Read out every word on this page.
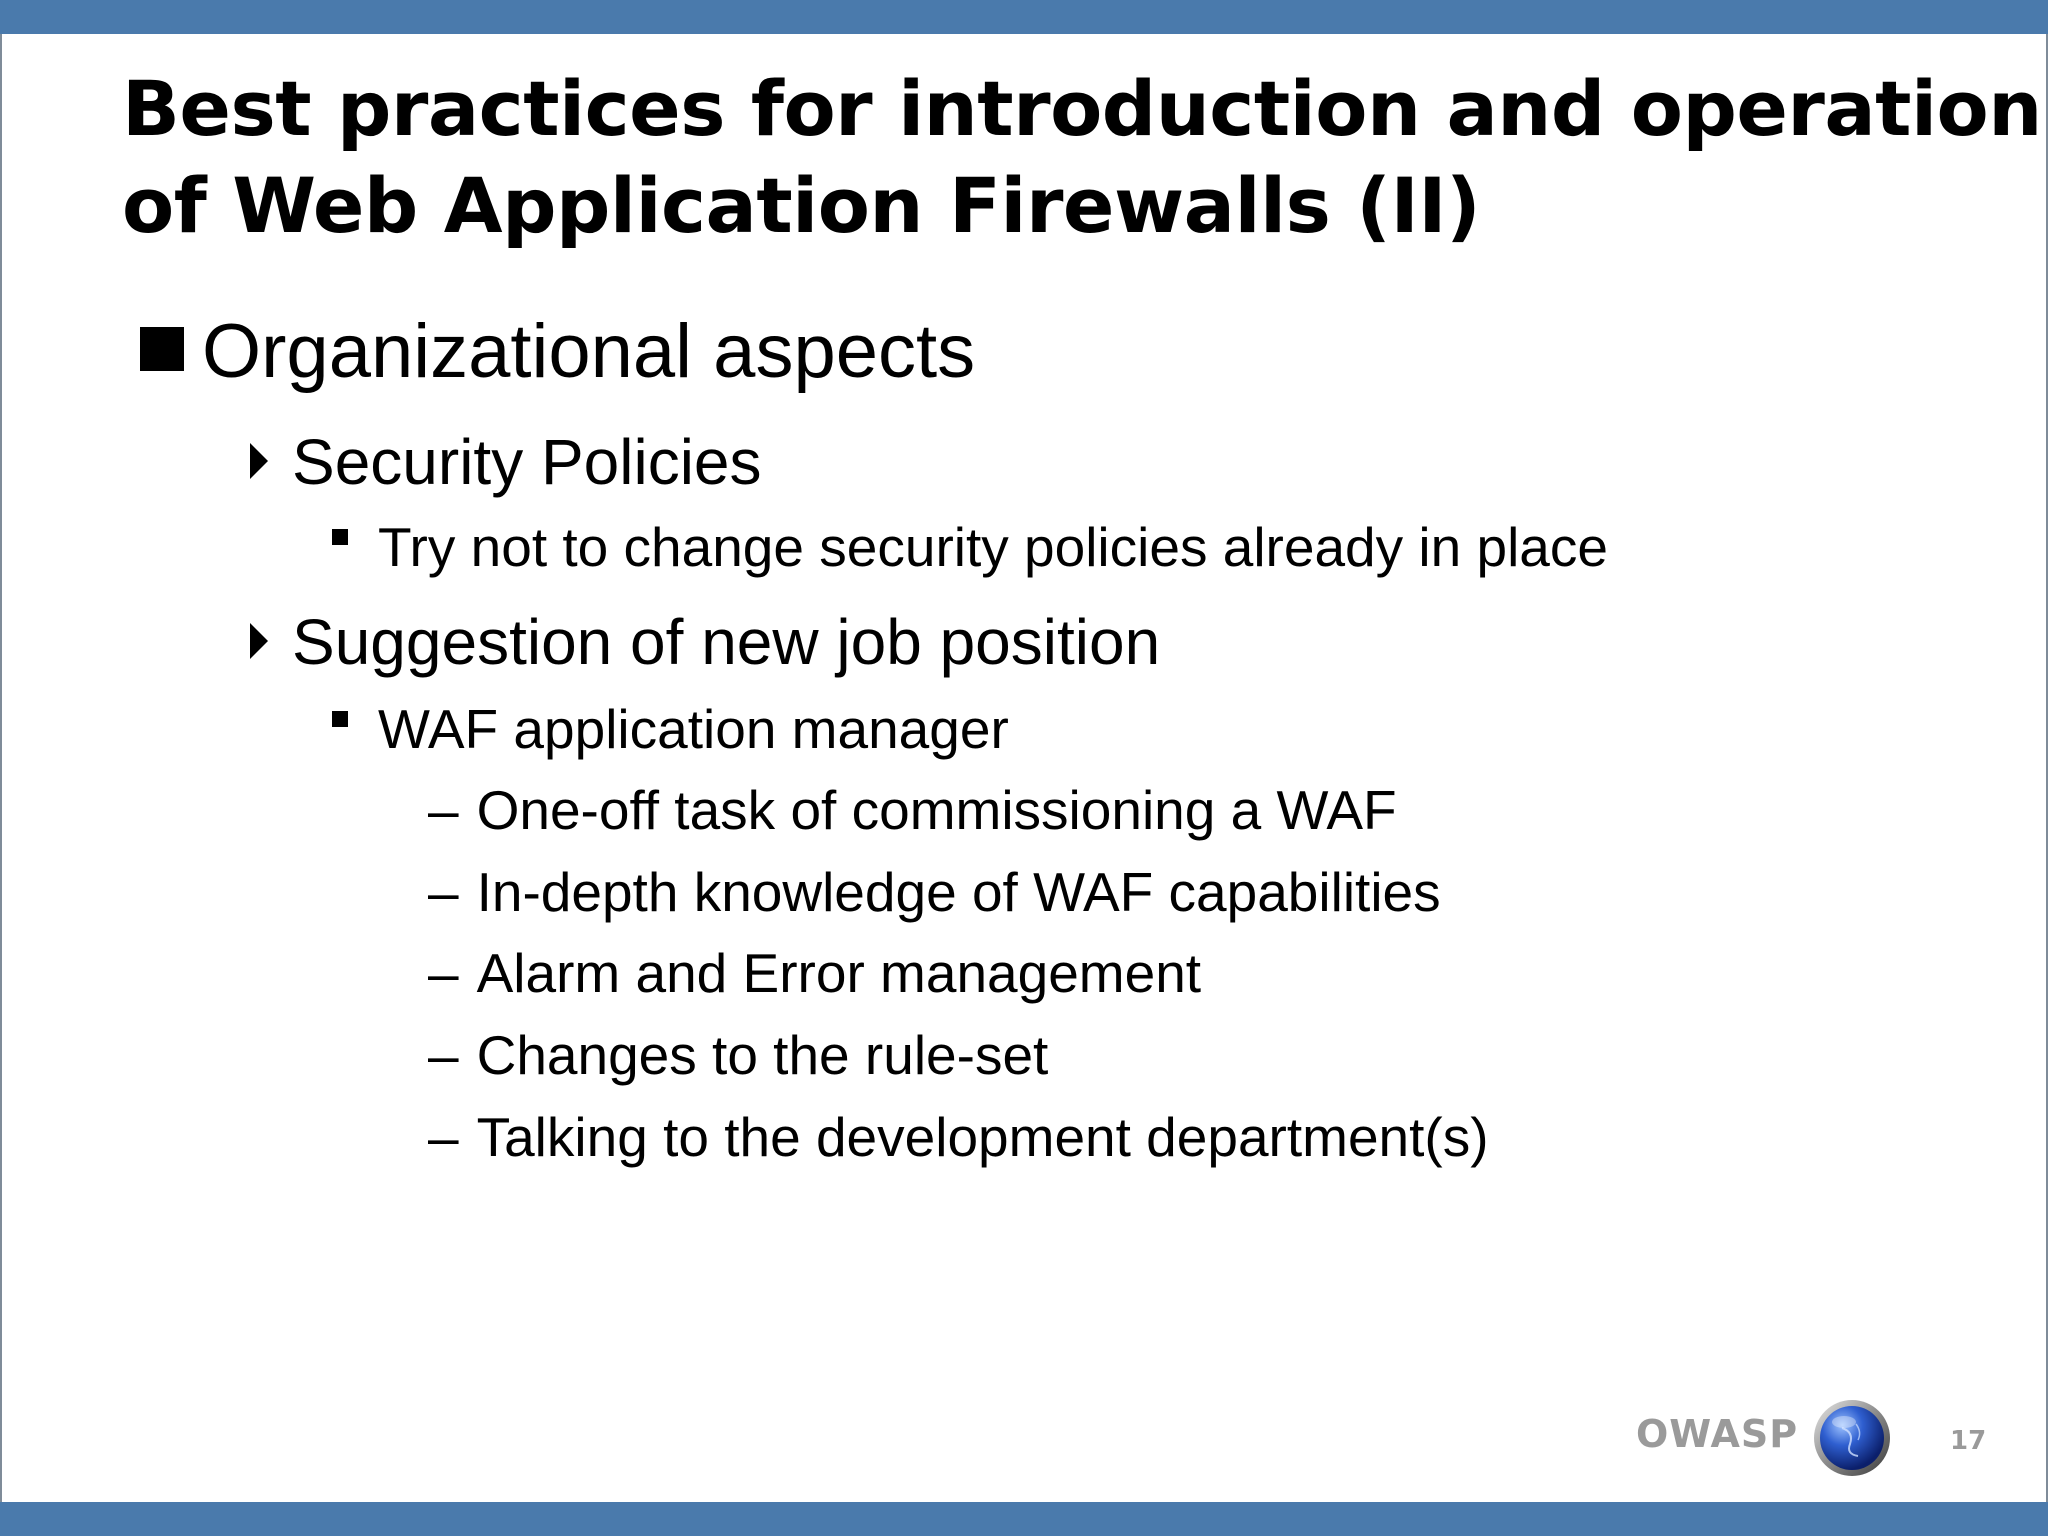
Best practices for introduction and operation
of Web Application Firewalls (II)
Organizational aspects
Security Policies
Try not to change security policies already in place
Suggestion of new job position
WAF application manager
– One-off task of commissioning a WAF
– In-depth knowledge of WAF capabilities
– Alarm and Error management
– Changes to the rule-set
– Talking to the development department(s)
OWASP	17
